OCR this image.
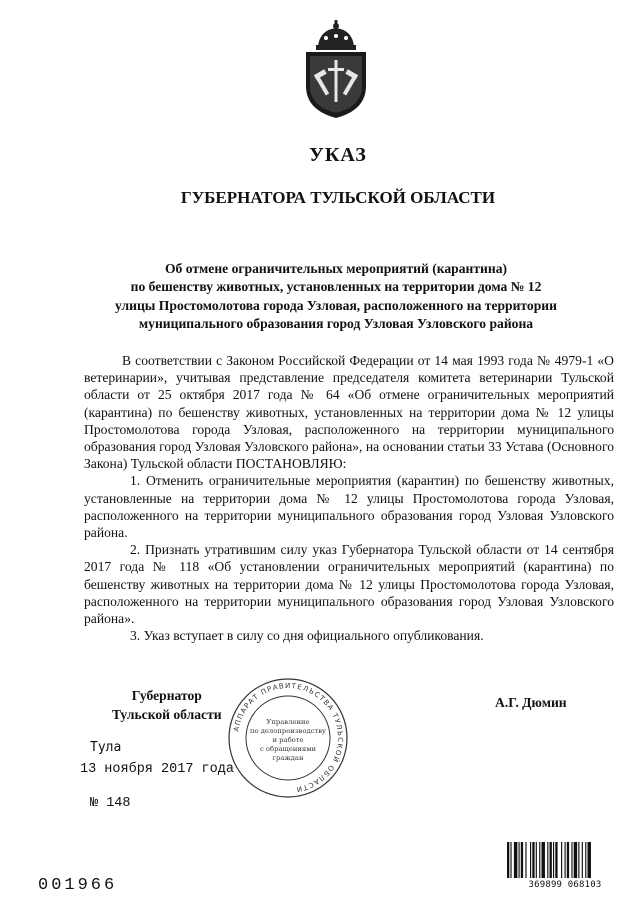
УКАЗ
ГУБЕРНАТОРА ТУЛЬСКОЙ ОБЛАСТИ
Об отмене ограничительных мероприятий (карантина)
по бешенству животных, установленных на территории дома № 12
улицы Простомолотова города Узловая, расположенного на территории
муниципального образования город Узловая Узловского района

В соответствии с Законом Российской Федерации от 14 мая 1993 года № 4979-1 «О ветеринарии», учитывая представление председателя комитета ветеринарии Тульской области от 25 октября 2017 года № 64 «Об отмене ограничительных мероприятий (карантина) по бешенству животных, установленных на территории дома № 12 улицы Простомолотова города Узловая, расположенного на территории муниципального образования город Узловая Узловского района», на основании статьи 33 Устава (Основного Закона) Тульской области ПОСТАНОВЛЯЮ:

1. Отменить ограничительные мероприятия (карантин) по бешенству животных, установленные на территории дома № 12 улицы Простомолотова города Узловая, расположенного на территории муниципального образования город Узловая Узловского района.

2. Признать утратившим силу указ Губернатора Тульской области от 14 сентября 2017 года № 118 «Об установлении ограничительных мероприятий (карантина) по бешенству животных на территории дома № 12 улицы Простомолотова города Узловая, расположенного на территории муниципального образования город Узловая Узловского района».

3. Указ вступает в силу со дня официального опубликования.

АППАРАТ ПРАВИТЕЛЬСТВА ТУЛЬСКОЙ ОБЛАСТИ
Управление
по делопроизводству
и работе
с обращениями
граждан
Губернатор
Тульской области
А.Г. Дюмин
Тула
13 ноября 2017 года
№ 148
001966	369899 068103
